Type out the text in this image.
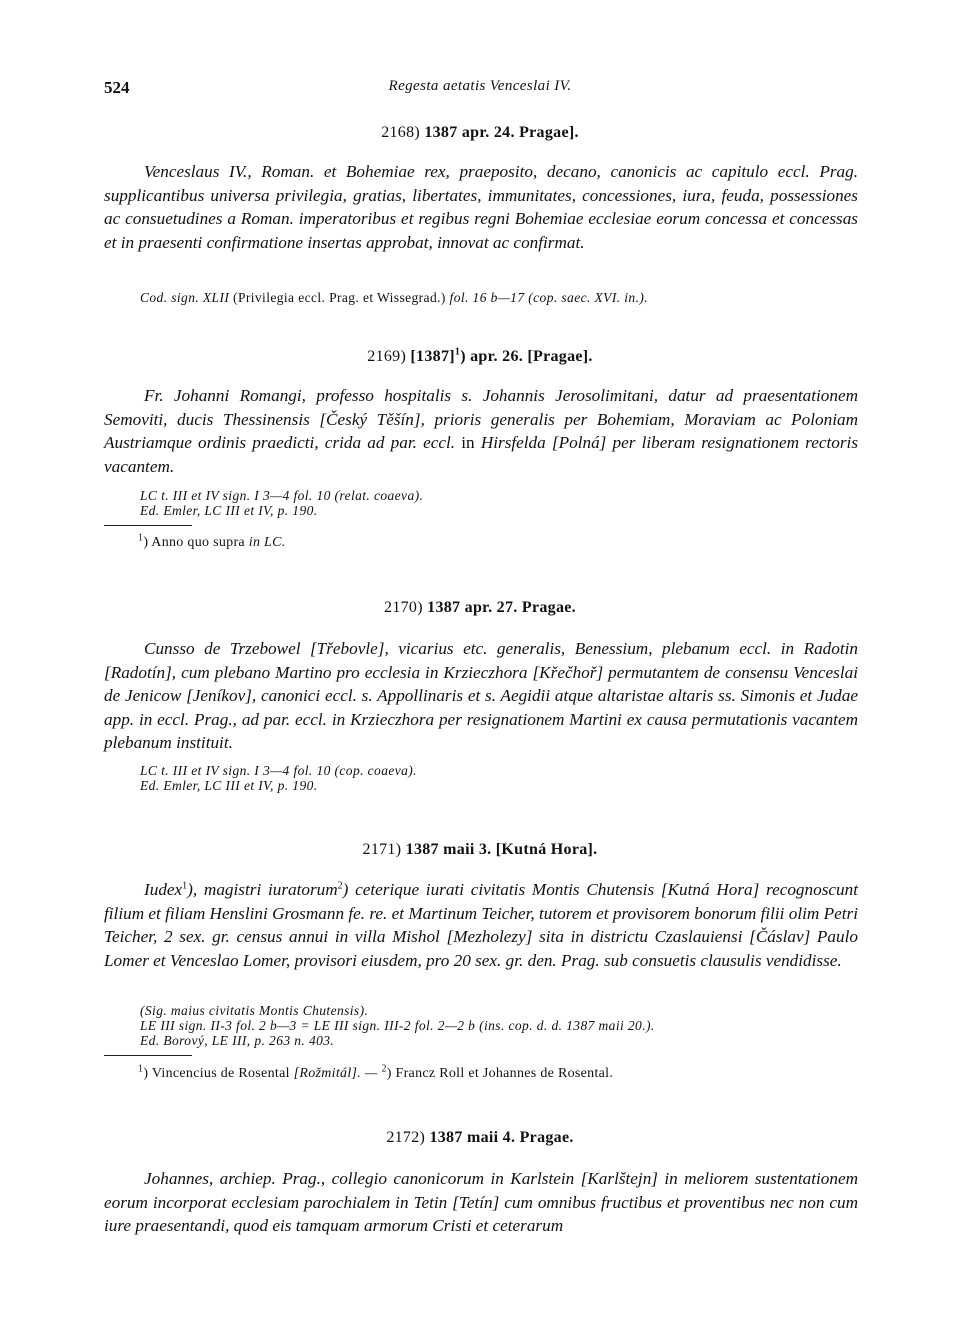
524	Regesta aetatis Venceslai IV.
2168) 1387 apr. 24. Pragae].

Venceslaus IV., Roman. et Bohemiae rex, praeposito, decano, canonicis ac capitulo eccl. Prag. supplicantibus universa privilegia, gratias, libertates, immunitates, concessiones, iura, feuda, possessiones ac consuetudines a Roman. imperatoribus et regibus regni Bohemiae ecclesiae eorum concessa et concessas et in praesenti confirmatione insertas approbat, innovat ac confirmat.

Cod. sign. XLII (Privilegia eccl. Prag. et Wissegrad.) fol. 16 b—17 (cop. saec. XVI. in.).
2169) $[1387]^1$) apr. 26. [Pragae].

Fr. Johanni Romangi, professo hospitalis s. Johannis Jerosolimitani, datur ad praesentationem Semoviti, ducis Thessinensis [Český Těšín], prioris generalis per Bohemiam, Moraviam ac Poloniam Austriamque ordinis praedicti, crida ad par. eccl. in Hirsfelda [Polná] per liberam resignationem rectoris vacantem.

LC t. III et IV sign. I 3—4 fol. 10 (relat. coaeva).
Ed. Emler, LC III et IV, p. 190.
$^1$) Anno quo supra in LC.
2170) 1387 apr. 27. Pragae.

Cunsso de Trzebowel [Třebovle], vicarius etc. generalis, Benessium, plebanum eccl. in Radotin [Radotín], cum plebano Martino pro ecclesia in Krzieczhora [Křečhoř] permutantem de consensu Venceslai de Jenicow [Jeníkov], canonici eccl. s. Appollinaris et s. Aegidii atque altaristae altaris ss. Simonis et Judae app. in eccl. Prag., ad par. eccl. in Krzieczhora per resignationem Martini ex causa permutationis vacantem plebanum instituit.

LC t. III et IV sign. I 3—4 fol. 10 (cop. coaeva).
Ed. Emler, LC III et IV, p. 190.
2171) 1387 maii 3. [Kutná Hora].

Iudex$^1$), magistri iuratorum$^2$) ceterique iurati civitatis Montis Chutensis [Kutná Hora] recognoscunt filium et filiam Henslini Grosmann fe. re. et Martinum Teicher, tutorem et provisorem bonorum filii olim Petri Teicher, 2 sex. gr. census annui in villa Mishol [Mezholezy] sita in districtu Czaslauiensi [Čáslav] Paulo Lomer et Venceslao Lomer, provisori eiusdem, pro 20 sex. gr. den. Prag. sub consuetis clausulis vendidisse.

(Sig. maius civitatis Montis Chutensis).
LE III sign. II-3 fol. 2 b—3 = LE III sign. III-2 fol. 2—2 b (ins. cop. d. d. 1387 maii 20.).
Ed. Borový, LE III, p. 263 n. 403.
$^1$) Vincencius de Rosental [Rožmitál]. — $^2$) Francz Roll et Johannes de Rosental.
2172) 1387 maii 4. Pragae.

Johannes, archiep. Prag., collegio canonicorum in Karlstein [Karlštejn] in meliorem sustentationem eorum incorporat ecclesiam parochialem in Tetin [Tetín] cum omnibus fructibus et proventibus nec non cum iure praesentandi, quod eis tamquam armorum Cristi et ceterarum
